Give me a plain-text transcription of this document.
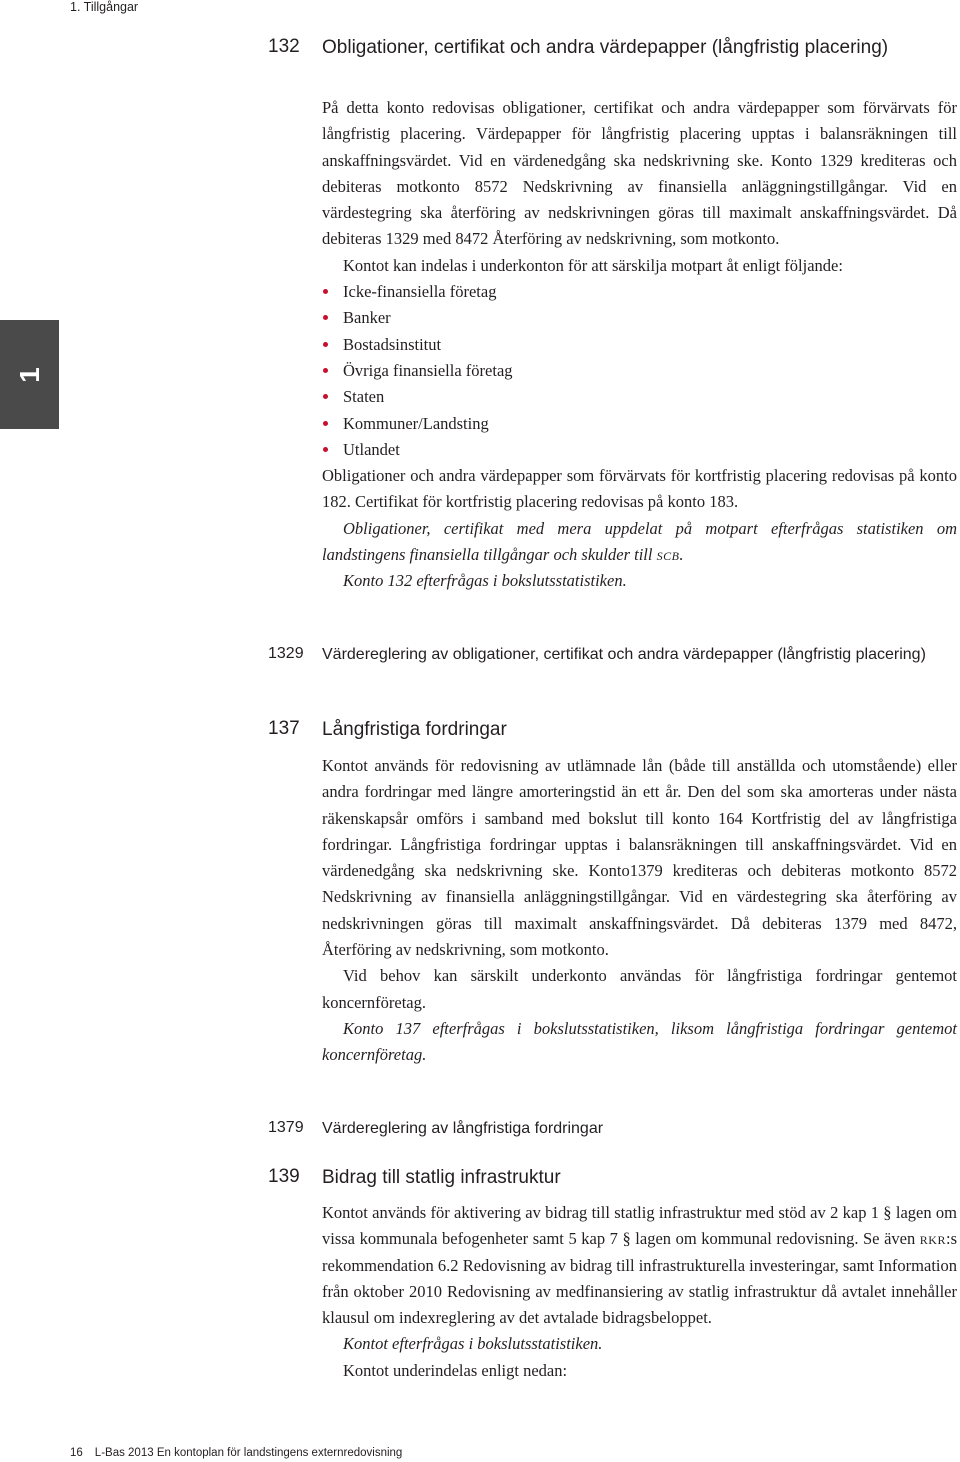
1. Tillgångar
1
132 Obligationer, certifikat och andra värdepapper (långfristig placering)

På detta konto redovisas obligationer, certifikat och andra värdepapper som förvärvats för långfristig placering. Värdepapper för långfristig placering upptas i balansräkningen till anskaffningsvärdet. Vid en värdenedgång ska nedskrivning ske. Konto 1329 krediteras och debiteras motkonto 8572 Nedskrivning av finansiella anläggningstillgångar. Vid en värdestegring ska återföring av nedskrivningen göras till maximalt anskaffningsvärdet. Då debiteras 1329 med 8472 Återföring av nedskrivning, som motkonto.

Kontot kan indelas i underkonton för att särskilja motpart åt enligt följande:

Icke-finansiella företag
Banker
Bostadsinstitut
Övriga finansiella företag
Staten
Kommuner/Landsting
Utlandet

Obligationer och andra värdepapper som förvärvats för kortfristig placering redovisas på konto 182. Certifikat för kortfristig placering redovisas på konto 183.

Obligationer, certifikat med mera uppdelat på motpart efterfrågas statistiken om landstingens finansiella tillgångar och skulder till scb.

Konto 132 efterfrågas i bokslutsstatistiken.

1329 Värdereglering av obligationer, certifikat och andra värdepapper (långfristig placering)
137 Långfristiga fordringar

Kontot används för redovisning av utlämnade lån (både till anställda och utomstående) eller andra fordringar med längre amorteringstid än ett år. Den del som ska amorteras under nästa räkenskapsår omförs i samband med bokslut till konto 164 Kortfristig del av långfristiga fordringar. Långfristiga fordringar upptas i balansräkningen till anskaffningsvärdet. Vid en värdenedgång ska nedskrivning ske. Konto1379 krediteras och debiteras motkonto 8572 Nedskrivning av finansiella anläggningstillgångar. Vid en värdestegring ska återföring av nedskrivningen göras till maximalt anskaffningsvärdet. Då debiteras 1379 med 8472, Återföring av nedskrivning, som motkonto.

Vid behov kan särskilt underkonto användas för långfristiga fordringar gentemot koncernföretag.

Konto 137 efterfrågas i bokslutsstatistiken, liksom långfristiga fordringar gentemot koncernföretag.

1379 Värdereglering av långfristiga fordringar
139 Bidrag till statlig infrastruktur

Kontot används för aktivering av bidrag till statlig infrastruktur med stöd av 2 kap 1 § lagen om vissa kommunala befogenheter samt 5 kap 7 § lagen om kommunal redovisning. Se även rkr:s rekommendation 6.2 Redovisning av bidrag till infrastrukturella investeringar, samt Information från oktober 2010 Redovisning av medfinansiering av statlig infrastruktur då avtalet innehåller klausul om indexreglering av det avtalade bidragsbeloppet.

Kontot efterfrågas i bokslutsstatistiken.

Kontot underindelas enligt nedan:

16 L-Bas 2013 En kontoplan för landstingens externredovisning
